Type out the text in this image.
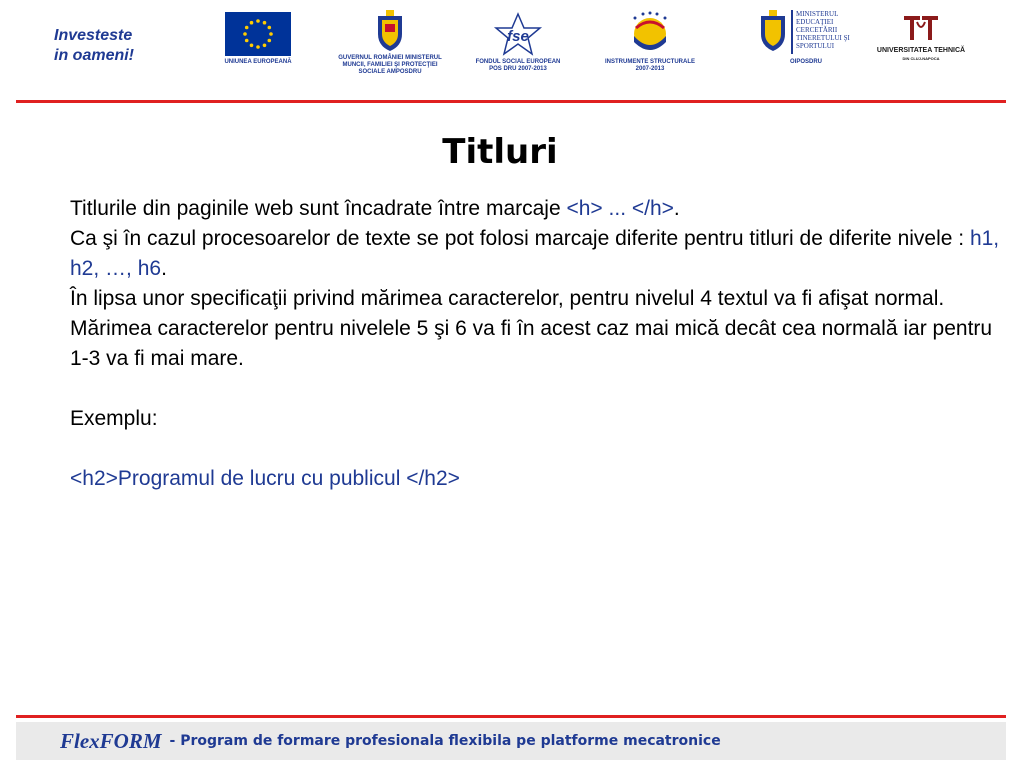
Investeste
in oameni!	UNIUNEA EUROPEANĂ
GUVERNUL ROMÂNIEI MINISTERUL MUNCII, FAMILIEI ŞI PROTECŢIEI SOCIALE AMPOSDRU
fse
FONDUL SOCIAL EUROPEAN POS DRU 2007-2013
INSTRUMENTE STRUCTURALE 2007-2013
MINISTERUL EDUCAŢIEI CERCETĂRII TINERETULUI ŞI SPORTULUI
OIPOSDRU
UNIVERSITATEA TEHNICĂ
DIN CLUJ-NAPOCA
Titluri

Titlurile din paginile web sunt încadrate între marcaje <h> ... </h>.

Ca şi în cazul procesoarelor de texte se pot folosi marcaje diferite pentru titluri de diferite nivele : h1, h2, …, h6.

În lipsa unor specificaţii privind mărimea caracterelor, pentru nivelul 4 textul va fi afişat normal.

Mărimea caracterelor pentru nivelele 5 şi 6 va fi în acest caz mai mică decât cea normală iar pentru 1-3 va fi mai mare.

Exemplu:

<h2>Programul de lucru cu publicul </h2>

FlexFORM - Program de formare profesionala flexibila pe platforme mecatronice
